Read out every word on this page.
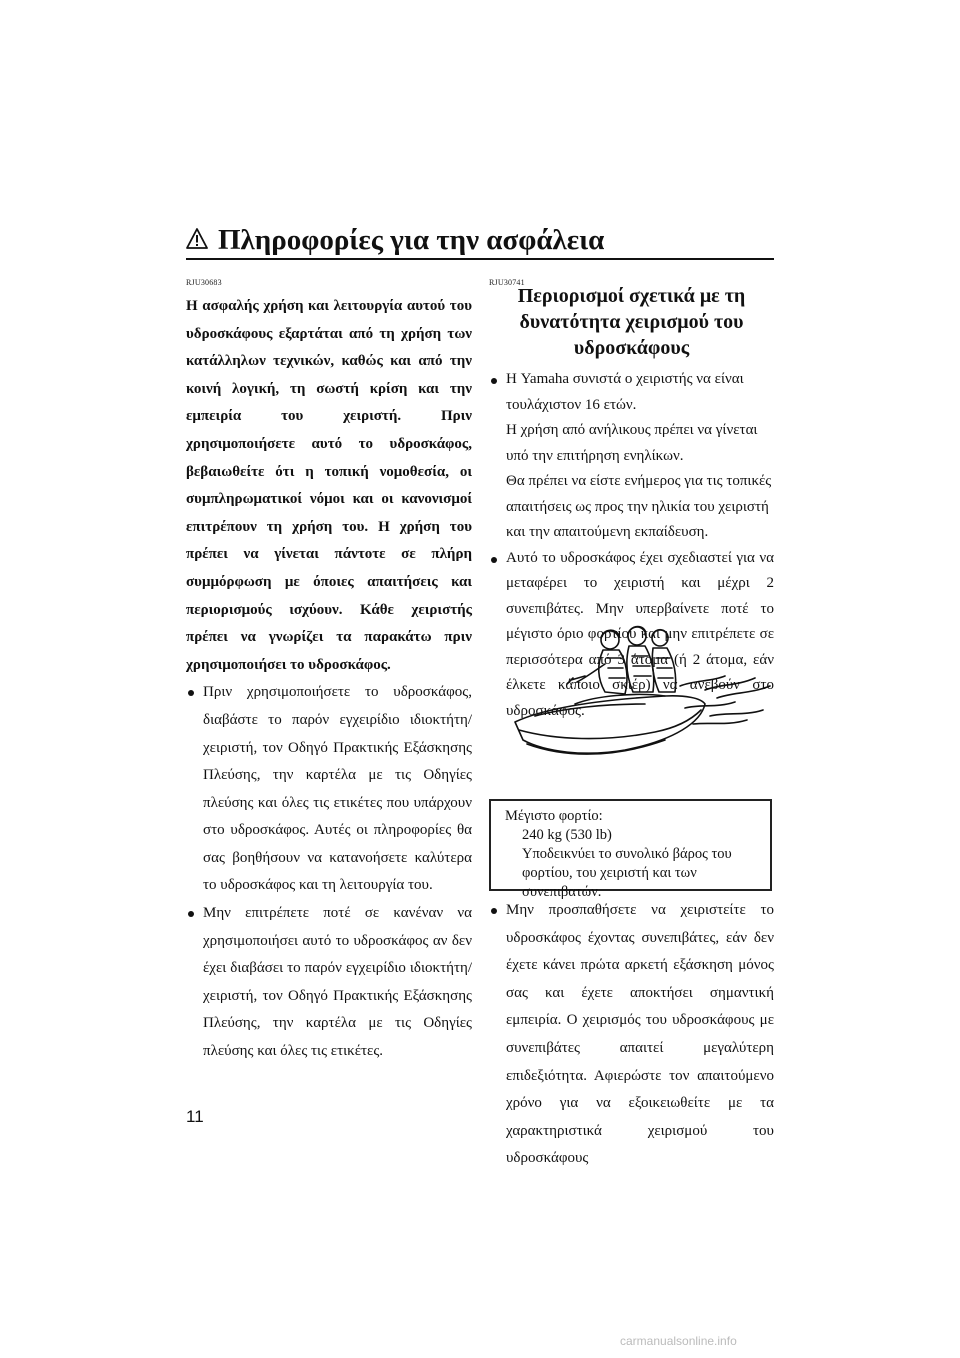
Πληροφορίες για την ασφάλεια
RJU30683

Η ασφαλής χρήση και λειτουργία αυτού του υδροσκάφους εξαρτάται από τη χρήση των κατάλληλων τεχνικών, καθώς και από την κοινή λογική, τη σωστή κρίση και την εμπειρία του χειριστή. Πριν χρησιμοποιήσετε αυτό το υδροσκάφος, βεβαιωθείτε ότι η τοπική νομοθεσία, οι συμπληρωματικοί νόμοι και οι κανονισμοί επιτρέπουν τη χρήση του. Η χρήση του πρέπει να γίνεται πάντοτε σε πλήρη συμμόρφωση με όποιες απαιτήσεις και περιορισμούς ισχύουν. Κάθε χειριστής πρέπει να γνωρίζει τα παρακάτω πριν χρησιμοποιήσει το υδροσκάφος.

Πριν χρησιμοποιήσετε το υδροσκάφος, διαβάστε το παρόν εγχειρίδιο ιδιοκτήτη/χειριστή, τον Οδηγό Πρακτικής Εξάσκησης Πλεύσης, την καρτέλα με τις Οδηγίες πλεύσης και όλες τις ετικέτες που υπάρχουν στο υδροσκάφος. Αυτές οι πληροφορίες θα σας βοηθήσουν να κατανοήσετε καλύτερα το υδροσκάφος και τη λειτουργία του.
Μην επιτρέπετε ποτέ σε κανέναν να χρησιμοποιήσει αυτό το υδροσκάφος αν δεν έχει διαβάσει το παρόν εγχειρίδιο ιδιοκτήτη/χειριστή, τον Οδηγό Πρακτικής Εξάσκησης Πλεύσης, την καρτέλα με τις Οδηγίες πλεύσης και όλες τις ετικέτες.
RJU30741
Περιορισμοί σχετικά με τη δυνατότητα χειρισμού του υδροσκάφους
Η Yamaha συνιστά ο χειριστής να είναι τουλάχιστον 16 ετών.
Η χρήση από ανήλικους πρέπει να γίνεται υπό την επιτήρηση ενηλίκων.
Θα πρέπει να είστε ενήμερος για τις τοπικές απαιτήσεις ως προς την ηλικία του χειριστή και την απαιτούμενη εκπαίδευση.
Αυτό το υδροσκάφος έχει σχεδιαστεί για να μεταφέρει το χειριστή και μέχρι 2 συνεπιβάτες. Μην υπερβαίνετε ποτέ το μέγιστο όριο φορτίου και μην επιτρέπετε σε περισσότερα από 3 άτομα (ή 2 άτομα, εάν έλκετε κάποιο σκιέρ) να ανεβούν στο υδροσκάφος.
Μέγιστο φορτίο:
240 kg (530 lb)
Υποδεικνύει το συνολικό βάρος του φορτίου, του χειριστή και των συνεπιβατών.
Μην προσπαθήσετε να χειριστείτε το υδροσκάφος έχοντας συνεπιβάτες, εάν δεν έχετε κάνει πρώτα αρκετή εξάσκηση μόνος σας και έχετε αποκτήσει σημαντική εμπειρία. Ο χειρισμός του υδροσκάφους με συνεπιβάτες απαιτεί μεγαλύτερη επιδεξιότητα. Αφιερώστε τον απαιτούμενο χρόνο για να εξοικειωθείτε με τα χαρακτηριστικά χειρισμού του υδροσκάφους
11
carmanualsonline.info
